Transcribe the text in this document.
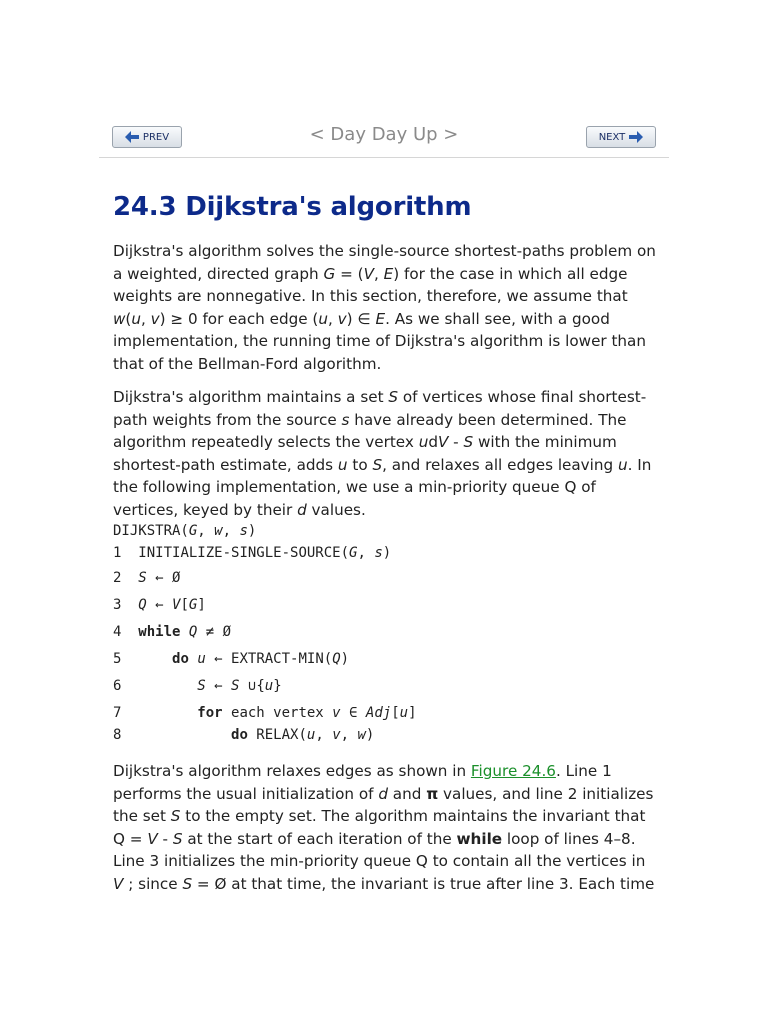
PREV	< Day Day Up >	NEXT
24.3 Dijkstra's algorithm

Dijkstra's algorithm solves the single-source shortest-paths problem on a weighted, directed graph G = (V, E) for the case in which all edge weights are nonnegative. In this section, therefore, we assume that w(u, v) ≥ 0 for each edge (u, v) ∈ E. As we shall see, with a good implementation, the running time of Dijkstra's algorithm is lower than that of the Bellman-Ford algorithm.

Dijkstra's algorithm maintains a set S of vertices whose final shortest-path weights from the source s have already been determined. The algorithm repeatedly selects the vertex udV - S with the minimum shortest-path estimate, adds u to S, and relaxes all edges leaving u. In the following implementation, we use a min-priority queue Q of vertices, keyed by their d values.

DIJKSTRA(G, w, s)
1 INITIALIZE-SINGLE-SOURCE(G, s)
2 S ← Ø
3 Q ← V[G]
4 while Q ≠ Ø
5	do u ← EXTRACT-MIN(Q)
6	S ← S ∪{u}
7	for each vertex v ∈ Adj[u]
8	do RELAX(u, v, w)

Dijkstra's algorithm relaxes edges as shown in Figure 24.6. Line 1 performs the usual initialization of d and π values, and line 2 initializes the set S to the empty set. The algorithm maintains the invariant that Q = V - S at the start of each iteration of the while loop of lines 4–8. Line 3 initializes the min-priority queue Q to contain all the vertices in V ; since S = Ø at that time, the invariant is true after line 3. Each time
